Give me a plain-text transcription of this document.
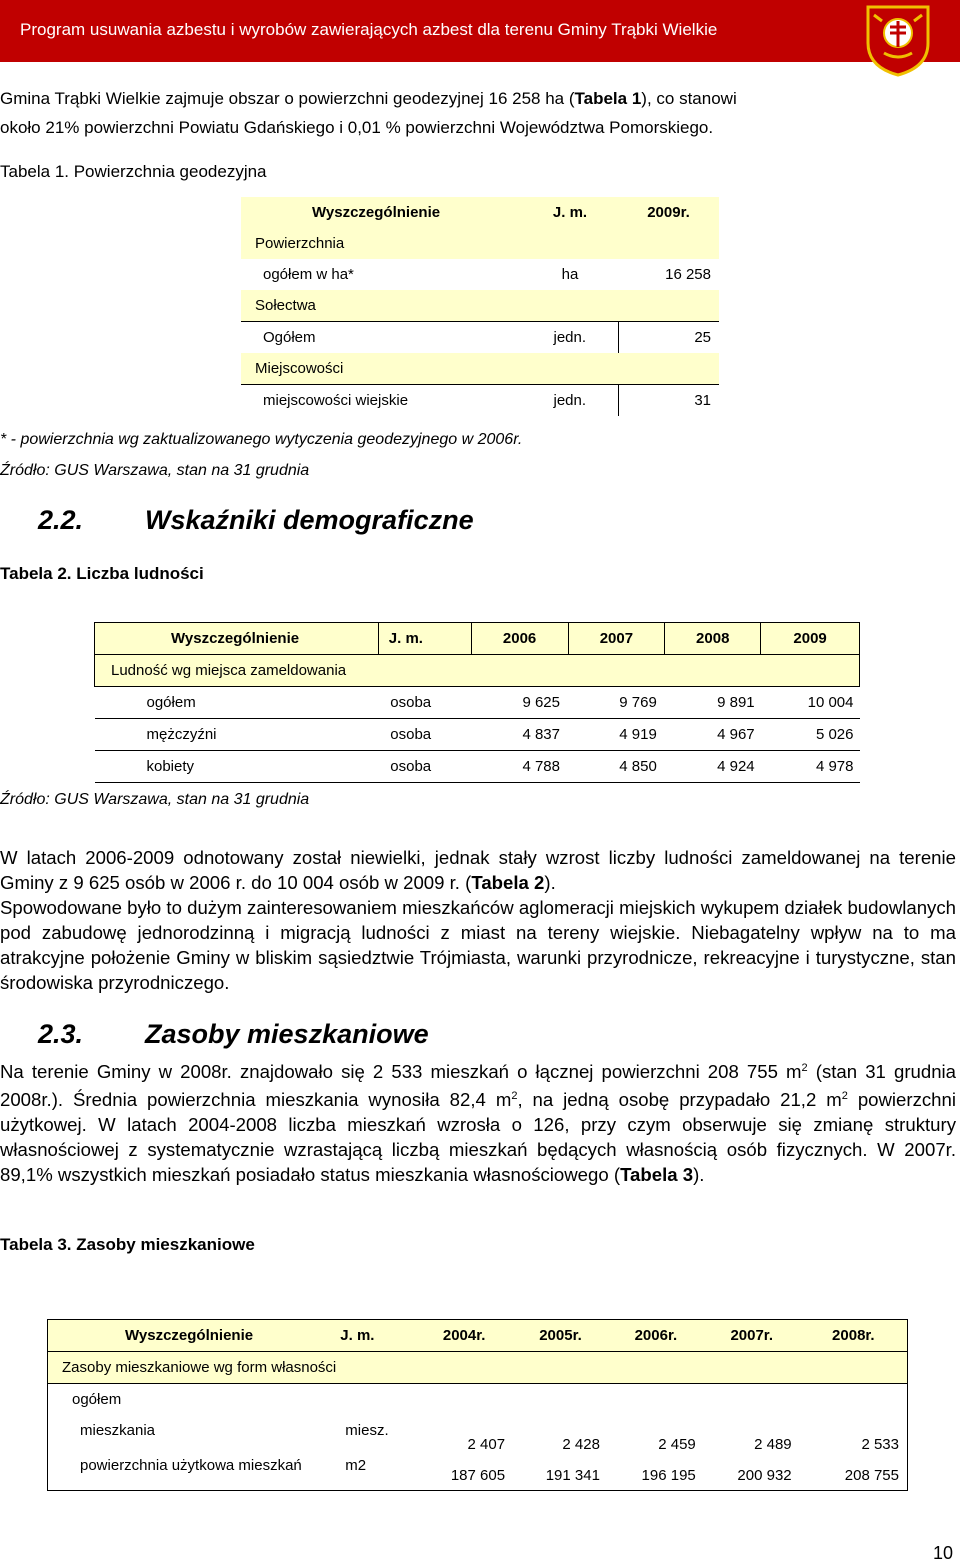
Program usuwania azbestu i wyrobów zawierających azbest dla terenu Gminy Trąbki Wielkie
Gmina Trąbki Wielkie zajmuje obszar o powierzchni geodezyjnej 16 258 ha (Tabela 1), co stanowi
około 21% powierzchni Powiatu Gdańskiego i 0,01 % powierzchni Województwa Pomorskiego.
Tabela 1. Powierzchnia geodezyjna
Wyszczególnienie	J. m.	2009r.
Powierzchnia		
ogółem w ha*	ha	16 258
Sołectwa		
Ogółem	jedn.	25
Miejscowości		
miejscowości wiejskie	jedn.	31
* - powierzchnia wg zaktualizowanego wytyczenia geodezyjnego w 2006r.
Źródło: GUS Warszawa, stan na 31 grudnia
2.2. Wskaźniki demograficzne
Tabela 2. Liczba ludności
Wyszczególnienie	J. m.	2006	2007	2008	2009
Ludność wg miejsca zameldowania					
ogółem	osoba	9 625	9 769	9 891	10 004
mężczyźni	osoba	4 837	4 919	4 967	5 026
kobiety	osoba	4 788	4 850	4 924	4 978
Źródło: GUS Warszawa, stan na 31 grudnia
W latach 2006-2009 odnotowany został niewielki, jednak stały wzrost liczby ludności zameldowanej na terenie Gminy z 9 625 osób w 2006 r. do 10 004 osób w 2009 r. (Tabela 2).
Spowodowane było to dużym zainteresowaniem mieszkańców aglomeracji miejskich wykupem działek budowlanych pod zabudowę jednorodzinną i migracją ludności z miast na tereny wiejskie. Niebagatelny wpływ na to ma atrakcyjne położenie Gminy w bliskim sąsiedztwie Trójmiasta, warunki przyrodnicze, rekreacyjne i turystyczne, stan środowiska przyrodniczego.
2.3. Zasoby mieszkaniowe
Na terenie Gminy w 2008r. znajdowało się 2 533 mieszkań o łącznej powierzchni 208 755 $m^2$ (stan 31 grudnia 2008r.). Średnia powierzchnia mieszkania wynosiła 82,4 $m^2$, na jedną osobę przypadało 21,2 $m^2$ powierzchni użytkowej. W latach 2004-2008 liczba mieszkań wzrosła o 126, przy czym obserwuje się zmianę struktury własnościowej z systematycznie wzrastającą liczbą mieszkań będących własnością osób fizycznych. W 2007r. 89,1% wszystkich mieszkań posiadało status mieszkania własnościowego (Tabela 3).
Tabela 3. Zasoby mieszkaniowe
Wyszczególnienie	J. m.	2004r.	2005r.	2006r.	2007r.	2008r.
Zasoby mieszkaniowe wg form własności						
ogółem						
mieszkania	miesz.	2 407	2 428	2 459	2 489	2 533
powierzchnia użytkowa mieszkań	m2	187 605	191 341	196 195	200 932	208 755
10
